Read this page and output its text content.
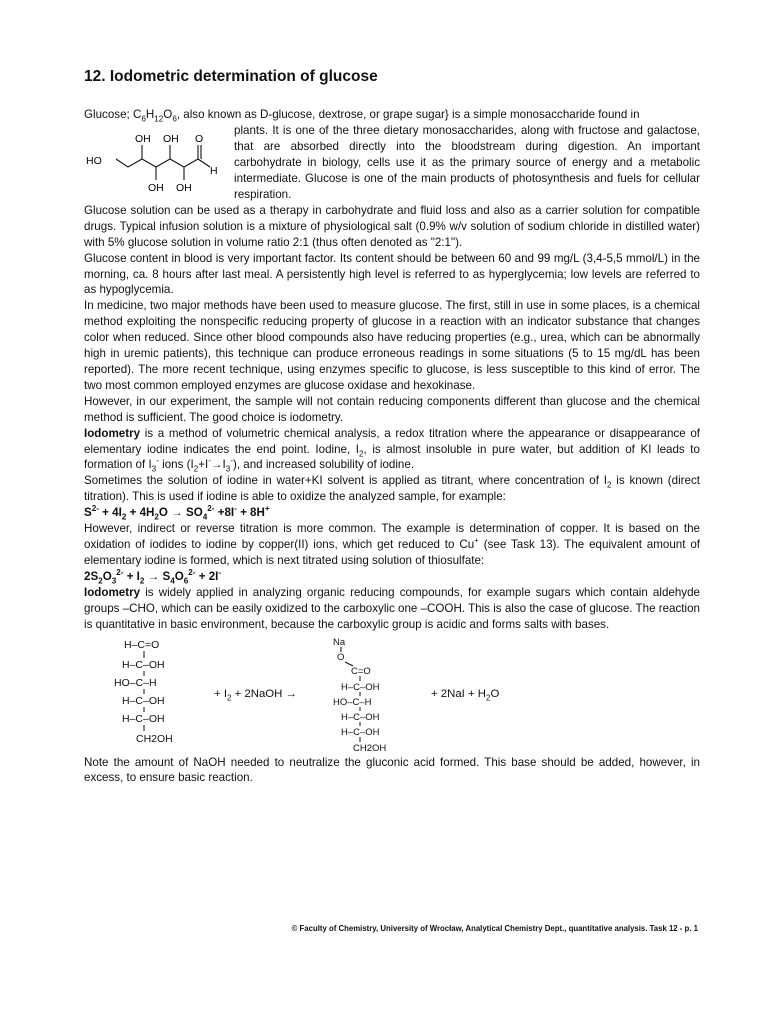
12. Iodometric determination of glucose

Glucose; $C_6H_{12}O_6$, also known as D-glucose, dextrose, or grape sugar} is a simple monosaccharide found in

HO
OH OH
OH OH
O
H

plants. It is one of the three dietary monosaccharides, along with fructose and galactose, that are absorbed directly into the bloodstream during digestion. An important carbohydrate in biology, cells use it as the primary source of energy and a metabolic intermediate. Glucose is one of the main products of photosynthesis and fuels for cellular respiration.

Glucose solution can be used as a therapy in carbohydrate and fluid loss and also as a carrier solution for compatible drugs. Typical infusion solution is a mixture of physiological salt (0.9% w/v solution of sodium chloride in distilled water) with 5% glucose solution in volume ratio 2:1 (thus often denoted as "2:1").

Glucose content in blood is very important factor. Its content should be between 60 and 99 mg/L (3,4-5,5 mmol/L) in the morning, ca. 8 hours after last meal. A persistently high level is referred to as hyperglycemia; low levels are referred to as hypoglycemia.

In medicine, two major methods have been used to measure glucose. The first, still in use in some places, is a chemical method exploiting the nonspecific reducing property of glucose in a reaction with an indicator substance that changes color when reduced. Since other blood compounds also have reducing properties (e.g., urea, which can be abnormally high in uremic patients), this technique can produce erroneous readings in some situations (5 to 15 mg/dL has been reported). The more recent technique, using enzymes specific to glucose, is less susceptible to this kind of error. The two most common employed enzymes are glucose oxidase and hexokinase.

However, in our experiment, the sample will not contain reducing components different than glucose and the chemical method is sufficient. The good choice is iodometry.

Iodometry is a method of volumetric chemical analysis, a redox titration where the appearance or disappearance of elementary iodine indicates the end point. Iodine, $I_2$, is almost insoluble in pure water, but addition of KI leads to formation of $I_3^-$ ions $(I_2+I^-\to I_3^-)$, and increased solubility of iodine.

Sometimes the solution of iodine in water+KI solvent is applied as titrant, where concentration of $I_2$ is known (direct titration). This is used if iodine is able to oxidize the analyzed sample, for example:

$S^{2-} + 4I_2 + 4H_2O \to SO_4^{2-} +8I^- + 8H^+$

However, indirect or reverse titration is more common. The example is determination of copper. It is based on the oxidation of iodides to iodine by copper(II) ions, which get reduced to Cu+ (see Task 13). The equivalent amount of elementary iodine is formed, which is next titrated using solution of thiosulfate:

$2S_2O_3^{2-} + I_2 \to S_4O_6^{2-} + 2I^-$

Iodometry is widely applied in analyzing organic reducing compounds, for example sugars which contain aldehyde groups –CHO, which can be easily oxidized to the carboxylic one –COOH. This is also the case of glucose. The reaction is quantitative in basic environment, because the carboxylic group is acidic and forms salts with bases.

H–C=O
H–C–OH
HO–C–H
H–C–OH
H–C–OH
CH2OH
+ $I_2$ + 2NaOH →
Na
O
C=O
H–C–OH
HO–C–H
H–C–OH
H–C–OH
CH2OH
+ $2NaI + H_2O$

Note the amount of NaOH needed to neutralize the gluconic acid formed. This base should be added, however, in excess, to ensure basic reaction.

© Faculty of Chemistry, University of Wrocław, Analytical Chemistry Dept., quantitative analysis. Task 12 - p. 1
